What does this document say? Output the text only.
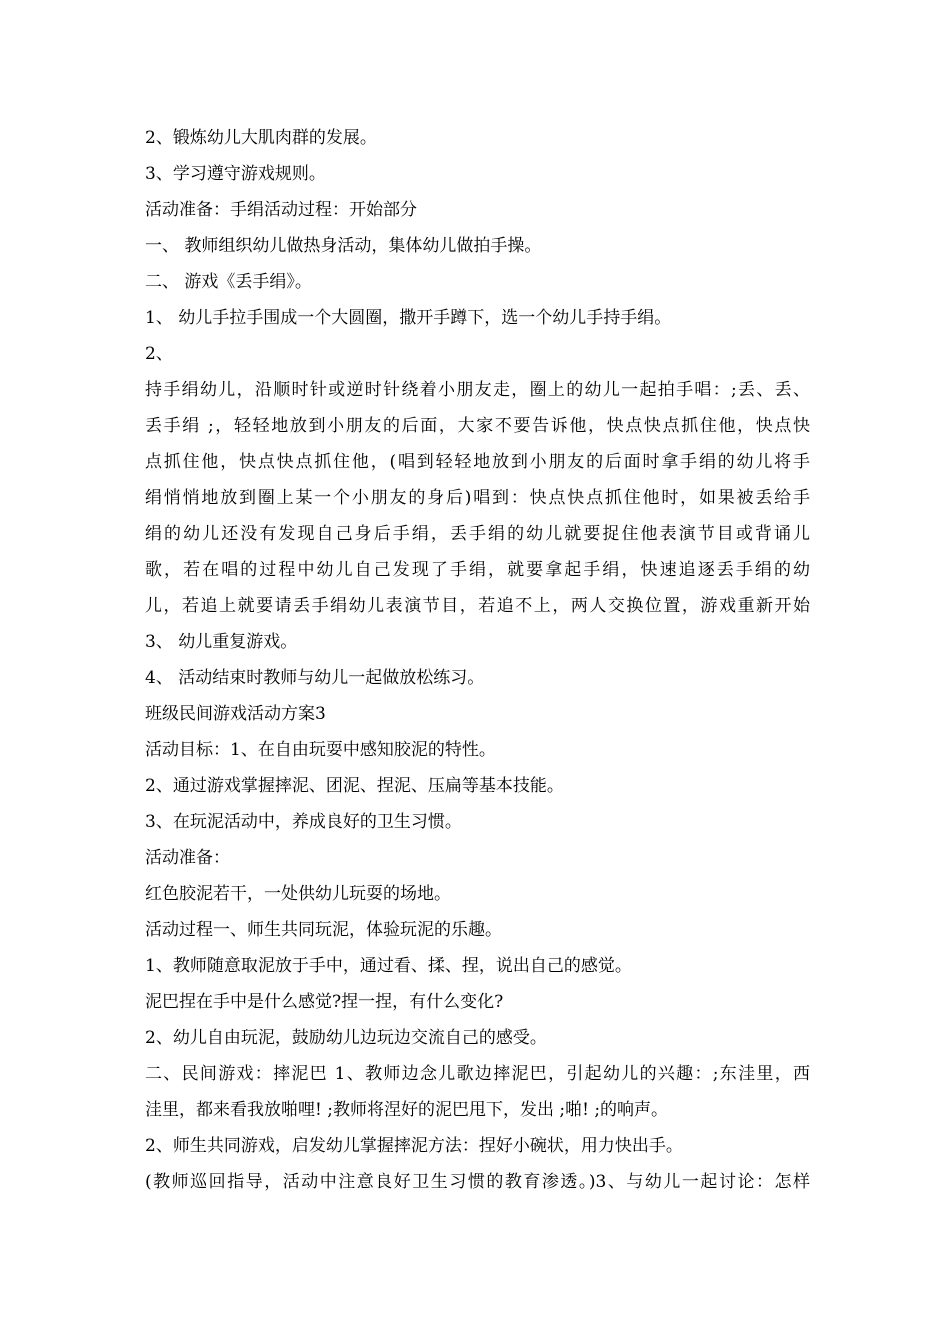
2、锻炼幼儿大肌肉群的发展。
3、学习遵守游戏规则。
活动准备：手绢活动过程：开始部分
一、 教师组织幼儿做热身活动，集体幼儿做拍手操。
二、 游戏《丢手绢》。
1、 幼儿手拉手围成一个大圆圈，撒开手蹲下，选一个幼儿手持手绢。
2、
持手绢幼儿，沿顺时针或逆时针绕着小朋友走，圈上的幼儿一起拍手唱：;丢、丢、
丢手绢 ;，轻轻地放到小朋友的后面，大家不要告诉他，快点快点抓住他，快点快
点抓住他，快点快点抓住他，(唱到轻轻地放到小朋友的后面时拿手绢的幼儿将手
绢悄悄地放到圈上某一个小朋友的身后)唱到：快点快点抓住他时，如果被丢给手
绢的幼儿还没有发现自己身后手绢，丢手绢的幼儿就要捉住他表演节目或背诵儿
歌，若在唱的过程中幼儿自己发现了手绢，就要拿起手绢，快速追逐丢手绢的幼
儿，若追上就要请丢手绢幼儿表演节目，若追不上，两人交换位置，游戏重新开始
3、 幼儿重复游戏。
4、 活动结束时教师与幼儿一起做放松练习。
班级民间游戏活动方案3
活动目标：1、在自由玩耍中感知胶泥的特性。
2、通过游戏掌握摔泥、团泥、捏泥、压扁等基本技能。
3、在玩泥活动中，养成良好的卫生习惯。
活动准备：
红色胶泥若干，一处供幼儿玩耍的场地。
活动过程一、师生共同玩泥，体验玩泥的乐趣。
1、教师随意取泥放于手中，通过看、揉、捏，说出自己的感觉。
泥巴捏在手中是什么感觉?捏一捏，有什么变化?
2、幼儿自由玩泥，鼓励幼儿边玩边交流自己的感受。
二、民间游戏：摔泥巴 1、教师边念儿歌边摔泥巴，引起幼儿的兴趣：;东洼里，西
洼里，都来看我放啪哩! ;教师将涅好的泥巴甩下，发出 ;啪! ;的响声。
2、师生共同游戏，启发幼儿掌握摔泥方法：捏好小碗状，用力快出手。
(教师巡回指导，活动中注意良好卫生习惯的教育渗透。)3、与幼儿一起讨论：怎样
